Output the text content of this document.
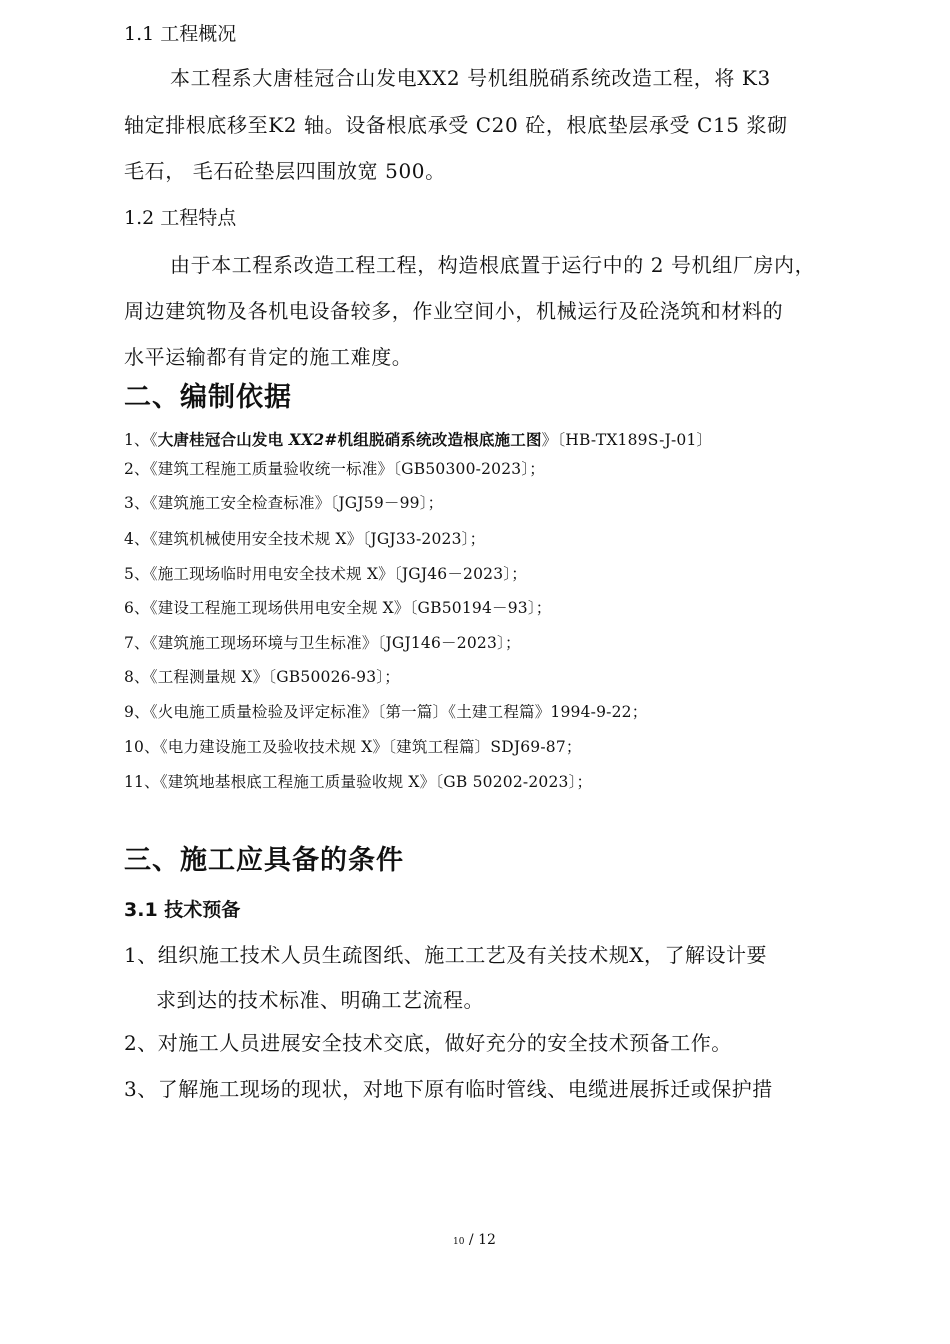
1.1 工程概况
本工程系大唐桂冠合山发电XX2 号机组脱硝系统改造工程，将 K3
轴定排根底移至K2 轴。设备根底承受 C20 砼，根底垫层承受 C15 浆砌
毛石， 毛石砼垫层四围放宽 500。
1.2 工程特点
由于本工程系改造工程工程，构造根底置于运行中的 2 号机组厂房内，
周边建筑物及各机电设备较多，作业空间小，机械运行及砼浇筑和材料的
水平运输都有肯定的施工难度。
二、编制依据
1、《大唐桂冠合山发电 XX2#机组脱硝系统改造根底施工图》〔HB-TX189S-J-01〕
2、《建筑工程施工质量验收统一标准》〔GB50300-2023〕；
3、《建筑施工安全检查标准》〔JGJ59－99〕；
4、《建筑机械使用安全技术规 X》〔JGJ33-2023〕；
5、《施工现场临时用电安全技术规 X》〔JGJ46－2023〕；
6、《建设工程施工现场供用电安全规 X》〔GB50194－93〕；
7、《建筑施工现场环境与卫生标准》〔JGJ146－2023〕；
8、《工程测量规 X》〔GB50026-93〕；
9、《火电施工质量检验及评定标准》〔第一篇〕《土建工程篇》1994-9-22；
10、《电力建设施工及验收技术规 X》〔建筑工程篇〕SDJ69-87；
11、《建筑地基根底工程施工质量验收规 X》〔GB 50202-2023〕；
三、施工应具备的条件
3.1 技术预备
1、组织施工技术人员生疏图纸、施工工艺及有关技术规X，了解设计要
求到达的技术标准、明确工艺流程。
2、对施工人员进展安全技术交底，做好充分的安全技术预备工作。
3、了解施工现场的现状，对地下原有临时管线、电缆进展拆迁或保护措
10 / 12
